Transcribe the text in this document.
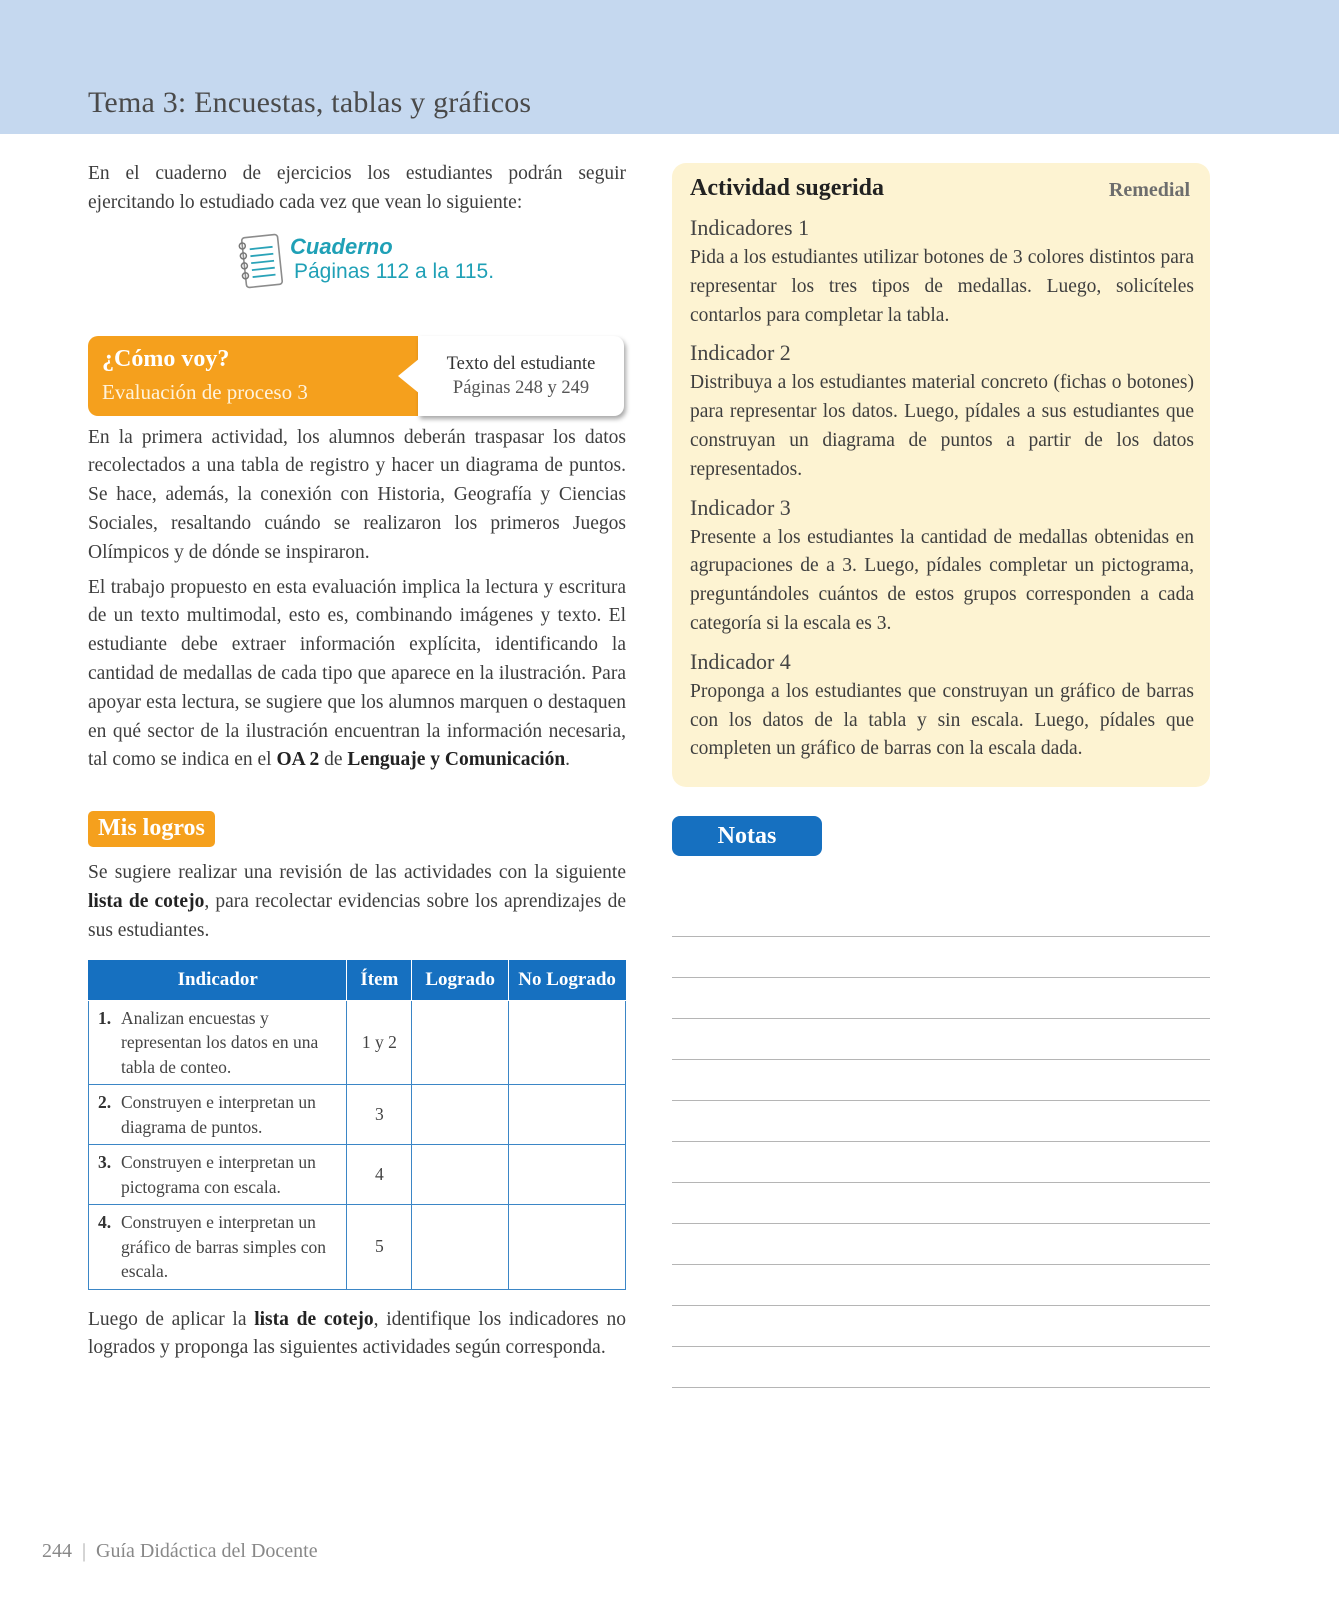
Tema 3: Encuestas, tablas y gráficos

En el cuaderno de ejercicios los estudiantes podrán seguir ejercitando lo estudiado cada vez que vean lo siguiente:

Cuaderno
Páginas 112 a la 115.
¿Cómo voy?
Evaluación de proceso 3
Texto del estudiante
Páginas 248 y 249

En la primera actividad, los alumnos deberán traspasar los datos recolectados a una tabla de registro y hacer un diagrama de puntos. Se hace, además, la conexión con Historia, Geografía y Ciencias Sociales, resaltando cuándo se realizaron los primeros Juegos Olímpicos y de dónde se inspiraron.

El trabajo propuesto en esta evaluación implica la lectura y escritura de un texto multimodal, esto es, combinando imágenes y texto. El estudiante debe extraer información explícita, identificando la cantidad de medallas de cada tipo que aparece en la ilustración. Para apoyar esta lectura, se sugiere que los alumnos marquen o destaquen en qué sector de la ilustración encuentran la información necesaria, tal como se indica en el OA 2 de Lenguaje y Comunicación.

Mis logros

Se sugiere realizar una revisión de las actividades con la siguiente lista de cotejo, para recolectar evidencias sobre los aprendizajes de sus estudiantes.

Indicador	Ítem	Logrado	No Logrado

1. Analizan encuestas y representan los datos en una tabla de conteo.	1 y 2		

2. Construyen e interpretan un diagrama de puntos.	3		

3. Construyen e interpretan un pictograma con escala.	4		

4. Construyen e interpretan un gráfico de barras simples con escala.	5		

Luego de aplicar la lista de cotejo, identifique los indicadores no logrados y proponga las siguientes actividades según corresponda.

Actividad sugerida	Remedial

Indicadores 1

Pida a los estudiantes utilizar botones de 3 colores distintos para representar los tres tipos de medallas. Luego, solicíteles contarlos para completar la tabla.

Indicador 2

Distribuya a los estudiantes material concreto (fichas o botones) para representar los datos. Luego, pídales a sus estudiantes que construyan un diagrama de puntos a partir de los datos representados.

Indicador 3

Presente a los estudiantes la cantidad de medallas obtenidas en agrupaciones de a 3. Luego, pídales completar un pictograma, preguntándoles cuántos de estos grupos corresponden a cada categoría si la escala es 3.

Indicador 4

Proponga a los estudiantes que construyan un gráfico de barras con los datos de la tabla y sin escala. Luego, pídales que completen un gráfico de barras con la escala dada.

Notas
244 | Guía Didáctica del Docente
